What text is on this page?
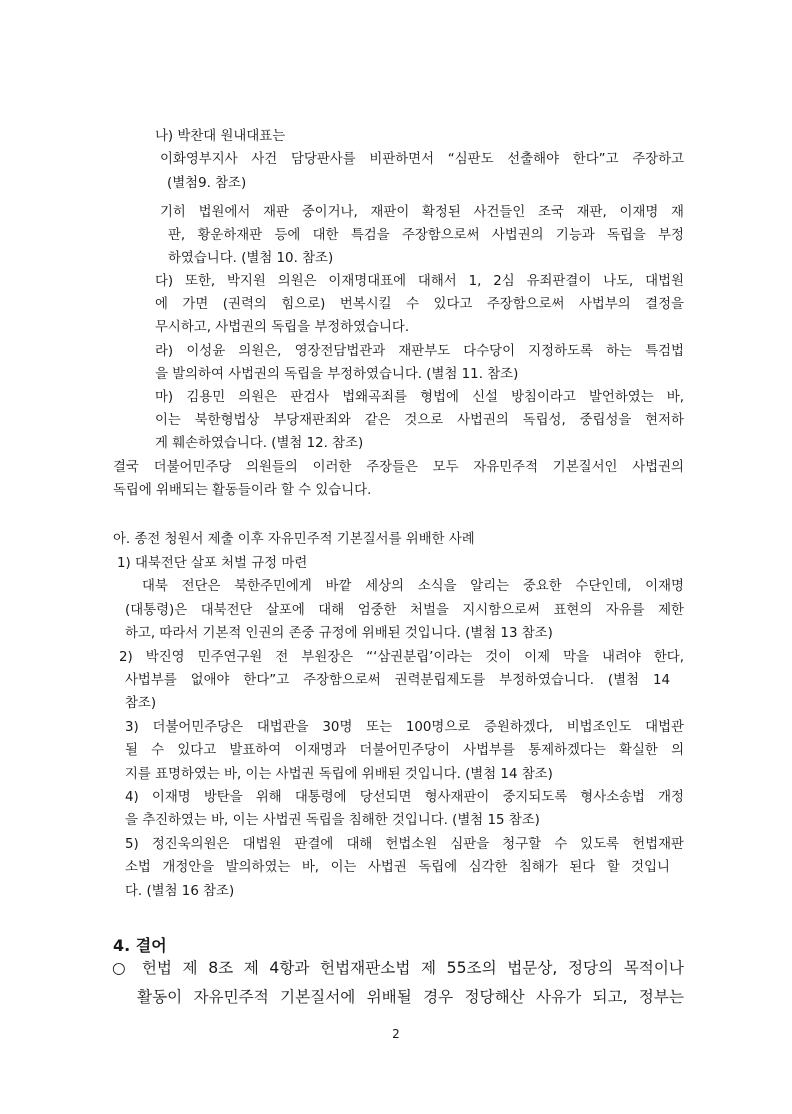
나) 박찬대 원내대표는
이화영부지사 사건 담당판사를 비판하면서 “심판도 선출해야 한다”고 주장하고
(별첨9. 참조)
기히 법원에서 재판 중이거나, 재판이 확정된 사건들인 조국 재판, 이재명 재
판, 황운하재판 등에 대한 특검을 주장함으로써 사법권의 기능과 독립을 부정
하였습니다. (별첨 10. 참조)
다) 또한, 박지원 의원은 이재명대표에 대해서 1, 2심 유죄판결이 나도, 대법원
에 가면 (권력의 힘으로) 번복시킬 수 있다고 주장함으로써 사법부의 결정을
무시하고, 사법권의 독립을 부정하였습니다.
라) 이성윤 의원은, 영장전담법관과 재판부도 다수당이 지정하도록 하는 특검법
을 발의하여 사법권의 독립을 부정하였습니다. (별첨 11. 참조)
마) 김용민 의원은 판검사 법왜곡죄를 형법에 신설 방침이라고 발언하였는 바,
이는 북한형법상 부당재판죄와 같은 것으로 사법권의 독립성, 중립성을 현저하
게 훼손하였습니다. (별첨 12. 참조)
결국 더불어민주당 의원들의 이러한 주장들은 모두 자유민주적 기본질서인 사법권의
독립에 위배되는 활동들이라 할 수 있습니다.
아. 종전 청원서 제출 이후 자유민주적 기본질서를 위배한 사례
1) 대북전단 살포 처벌 규정 마련
대북 전단은 북한주민에게 바깥 세상의 소식을 알리는 중요한 수단인데, 이재명
(대통령)은 대북전단 살포에 대해 엄중한 처벌을 지시함으로써 표현의 자유를 제한
하고, 따라서 기본적 인권의 존중 규정에 위배된 것입니다. (별첨 13 참조)
2) 박진영 민주연구원 전 부원장은 “‘삼권분립’이라는 것이 이제 막을 내려야 한다,
사법부를 없애야 한다”고 주장함으로써 권력분립제도를 부정하였습니다. (별첨 14
참조)
3) 더불어민주당은 대법관을 30명 또는 100명으로 증원하겠다, 비법조인도 대법관
될 수 있다고 발표하여 이재명과 더불어민주당이 사법부를 통제하겠다는 확실한 의
지를 표명하였는 바, 이는 사법권 독립에 위배된 것입니다. (별첨 14 참조)
4) 이재명 방탄을 위해 대통령에 당선되면 형사재판이 중지되도록 형사소송법 개정
을 추진하였는 바, 이는 사법권 독립을 침해한 것입니다. (별첨 15 참조)
5) 정진욱의원은 대법원 판결에 대해 헌법소원 심판을 청구할 수 있도록 헌법재판
소법 개정안을 발의하였는 바, 이는 사법권 독립에 심각한 침해가 된다 할 것입니
다. (별첨 16 참조)
4. 결어
○ 헌법 제 8조 제 4항과 헌법재판소법 제 55조의 법문상, 정당의 목적이나
활동이 자유민주적 기본질서에 위배될 경우 정당해산 사유가 되고, 정부는
2
